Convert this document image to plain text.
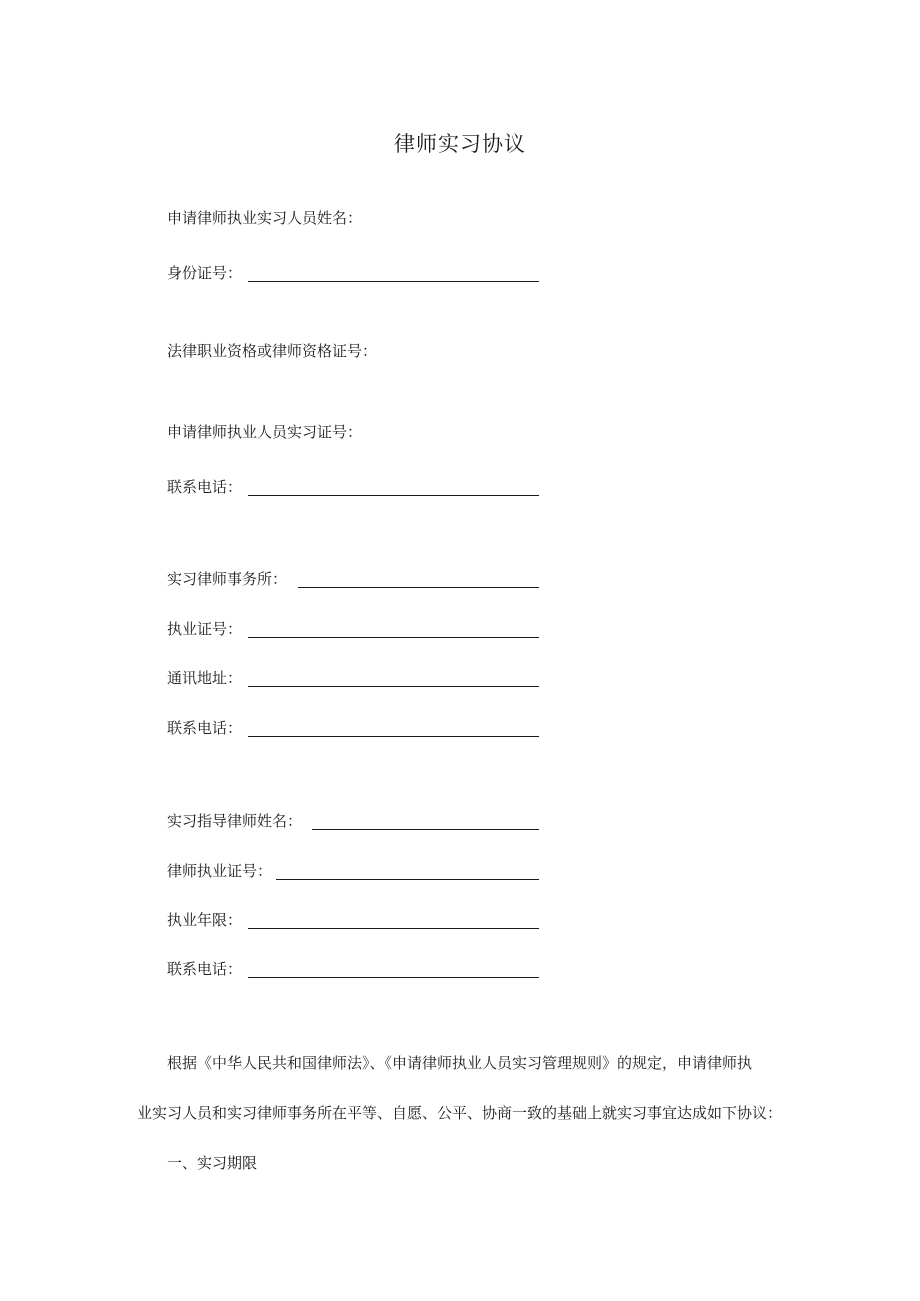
律师实习协议
申请律师执业实习人员姓名：
身份证号：
法律职业资格或律师资格证号：
申请律师执业人员实习证号：
联系电话：
实习律师事务所：
执业证号：
通讯地址：
联系电话：
实习指导律师姓名：
律师执业证号：
执业年限：
联系电话：
根据《中华人民共和国律师法》、《申请律师执业人员实习管理规则》的规定，申请律师执
业实习人员和实习律师事务所在平等、自愿、公平、协商一致的基础上就实习事宜达成如下协议：
一、实习期限
